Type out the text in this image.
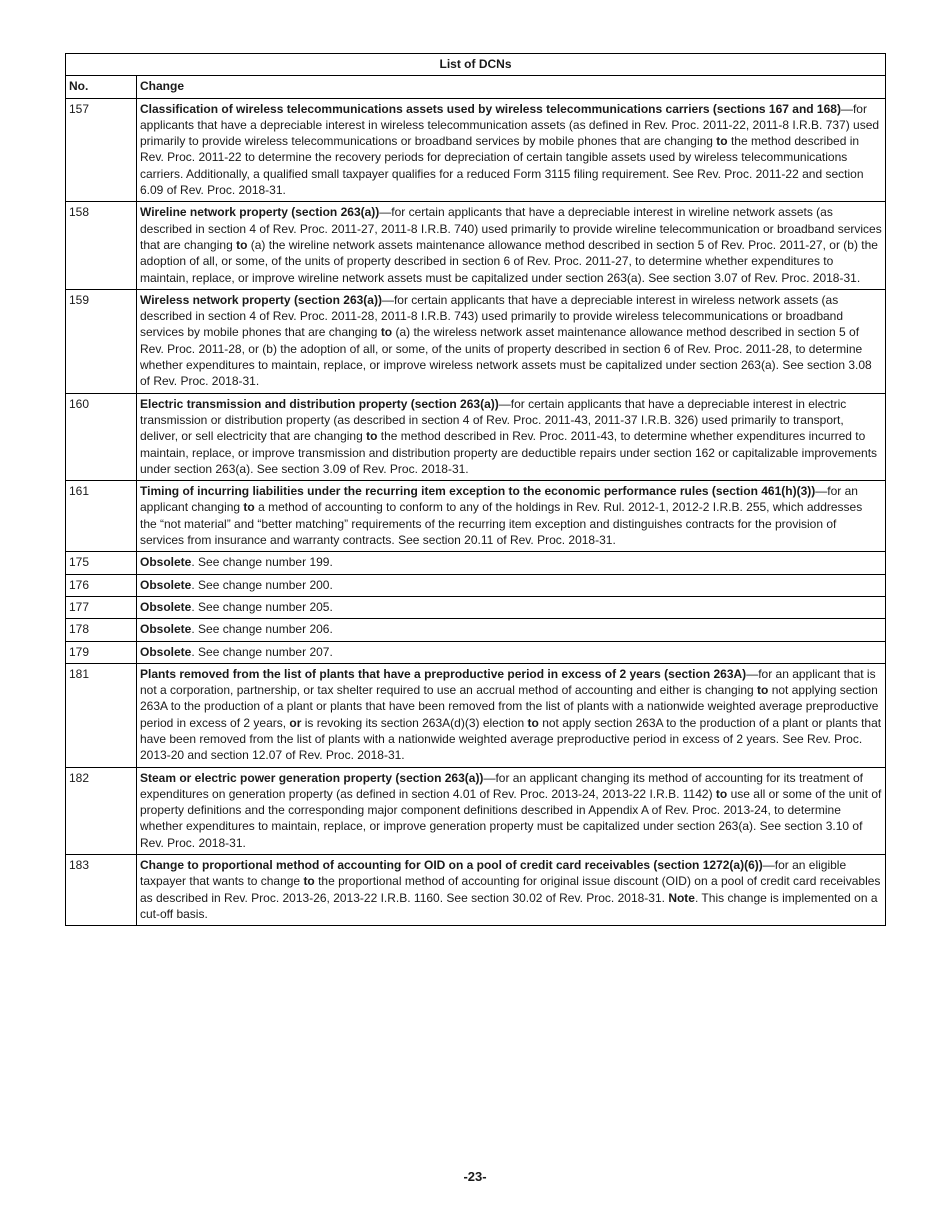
List of DCNs	
No.	Change
157	Classification of wireless telecommunications assets used by wireless telecommunications carriers (sections 167 and 168)—for applicants that have a depreciable interest in wireless telecommunication assets (as defined in Rev. Proc. 2011-22, 2011-8 I.R.B. 737) used primarily to provide wireless telecommunications or broadband services by mobile phones that are changing to the method described in Rev. Proc. 2011-22 to determine the recovery periods for depreciation of certain tangible assets used by wireless telecommunications carriers. Additionally, a qualified small taxpayer qualifies for a reduced Form 3115 filing requirement. See Rev. Proc. 2011-22 and section 6.09 of Rev. Proc. 2018-31.
158	Wireline network property (section 263(a))—for certain applicants that have a depreciable interest in wireline network assets (as described in section 4 of Rev. Proc. 2011-27, 2011-8 I.R.B. 740) used primarily to provide wireline telecommunication or broadband services that are changing to (a) the wireline network assets maintenance allowance method described in section 5 of Rev. Proc. 2011-27, or (b) the adoption of all, or some, of the units of property described in section 6 of Rev. Proc. 2011-27, to determine whether expenditures to maintain, replace, or improve wireline network assets must be capitalized under section 263(a). See section 3.07 of Rev. Proc. 2018-31.
159	Wireless network property (section 263(a))—for certain applicants that have a depreciable interest in wireless network assets (as described in section 4 of Rev. Proc. 2011-28, 2011-8 I.R.B. 743) used primarily to provide wireless telecommunications or broadband services by mobile phones that are changing to (a) the wireless network asset maintenance allowance method described in section 5 of Rev. Proc. 2011-28, or (b) the adoption of all, or some, of the units of property described in section 6 of Rev. Proc. 2011-28, to determine whether expenditures to maintain, replace, or improve wireless network assets must be capitalized under section 263(a). See section 3.08 of Rev. Proc. 2018-31.
160	Electric transmission and distribution property (section 263(a))—for certain applicants that have a depreciable interest in electric transmission or distribution property (as described in section 4 of Rev. Proc. 2011-43, 2011-37 I.R.B. 326) used primarily to transport, deliver, or sell electricity that are changing to the method described in Rev. Proc. 2011-43, to determine whether expenditures incurred to maintain, replace, or improve transmission and distribution property are deductible repairs under section 162 or capitalizable improvements under section 263(a). See section 3.09 of Rev. Proc. 2018-31.
161	Timing of incurring liabilities under the recurring item exception to the economic performance rules (section 461(h)(3))—for an applicant changing to a method of accounting to conform to any of the holdings in Rev. Rul. 2012-1, 2012-2 I.R.B. 255, which addresses the “not material” and “better matching” requirements of the recurring item exception and distinguishes contracts for the provision of services from insurance and warranty contracts. See section 20.11 of Rev. Proc. 2018-31.
175	Obsolete. See change number 199.
176	Obsolete. See change number 200.
177	Obsolete. See change number 205.
178	Obsolete. See change number 206.
179	Obsolete. See change number 207.
181	Plants removed from the list of plants that have a preproductive period in excess of 2 years (section 263A)—for an applicant that is not a corporation, partnership, or tax shelter required to use an accrual method of accounting and either is changing to not applying section 263A to the production of a plant or plants that have been removed from the list of plants with a nationwide weighted average preproductive period in excess of 2 years, or is revoking its section 263A(d)(3) election to not apply section 263A to the production of a plant or plants that have been removed from the list of plants with a nationwide weighted average preproductive period in excess of 2 years. See Rev. Proc. 2013-20 and section 12.07 of Rev. Proc. 2018-31.
182	Steam or electric power generation property (section 263(a))—for an applicant changing its method of accounting for its treatment of expenditures on generation property (as defined in section 4.01 of Rev. Proc. 2013-24, 2013-22 I.R.B. 1142) to use all or some of the unit of property definitions and the corresponding major component definitions described in Appendix A of Rev. Proc. 2013-24, to determine whether expenditures to maintain, replace, or improve generation property must be capitalized under section 263(a). See section 3.10 of Rev. Proc. 2018-31.
183	Change to proportional method of accounting for OID on a pool of credit card receivables (section 1272(a)(6))—for an eligible taxpayer that wants to change to the proportional method of accounting for original issue discount (OID) on a pool of credit card receivables as described in Rev. Proc. 2013-26, 2013-22 I.R.B. 1160. See section 30.02 of Rev. Proc. 2018-31. Note. This change is implemented on a cut-off basis.
-23-
